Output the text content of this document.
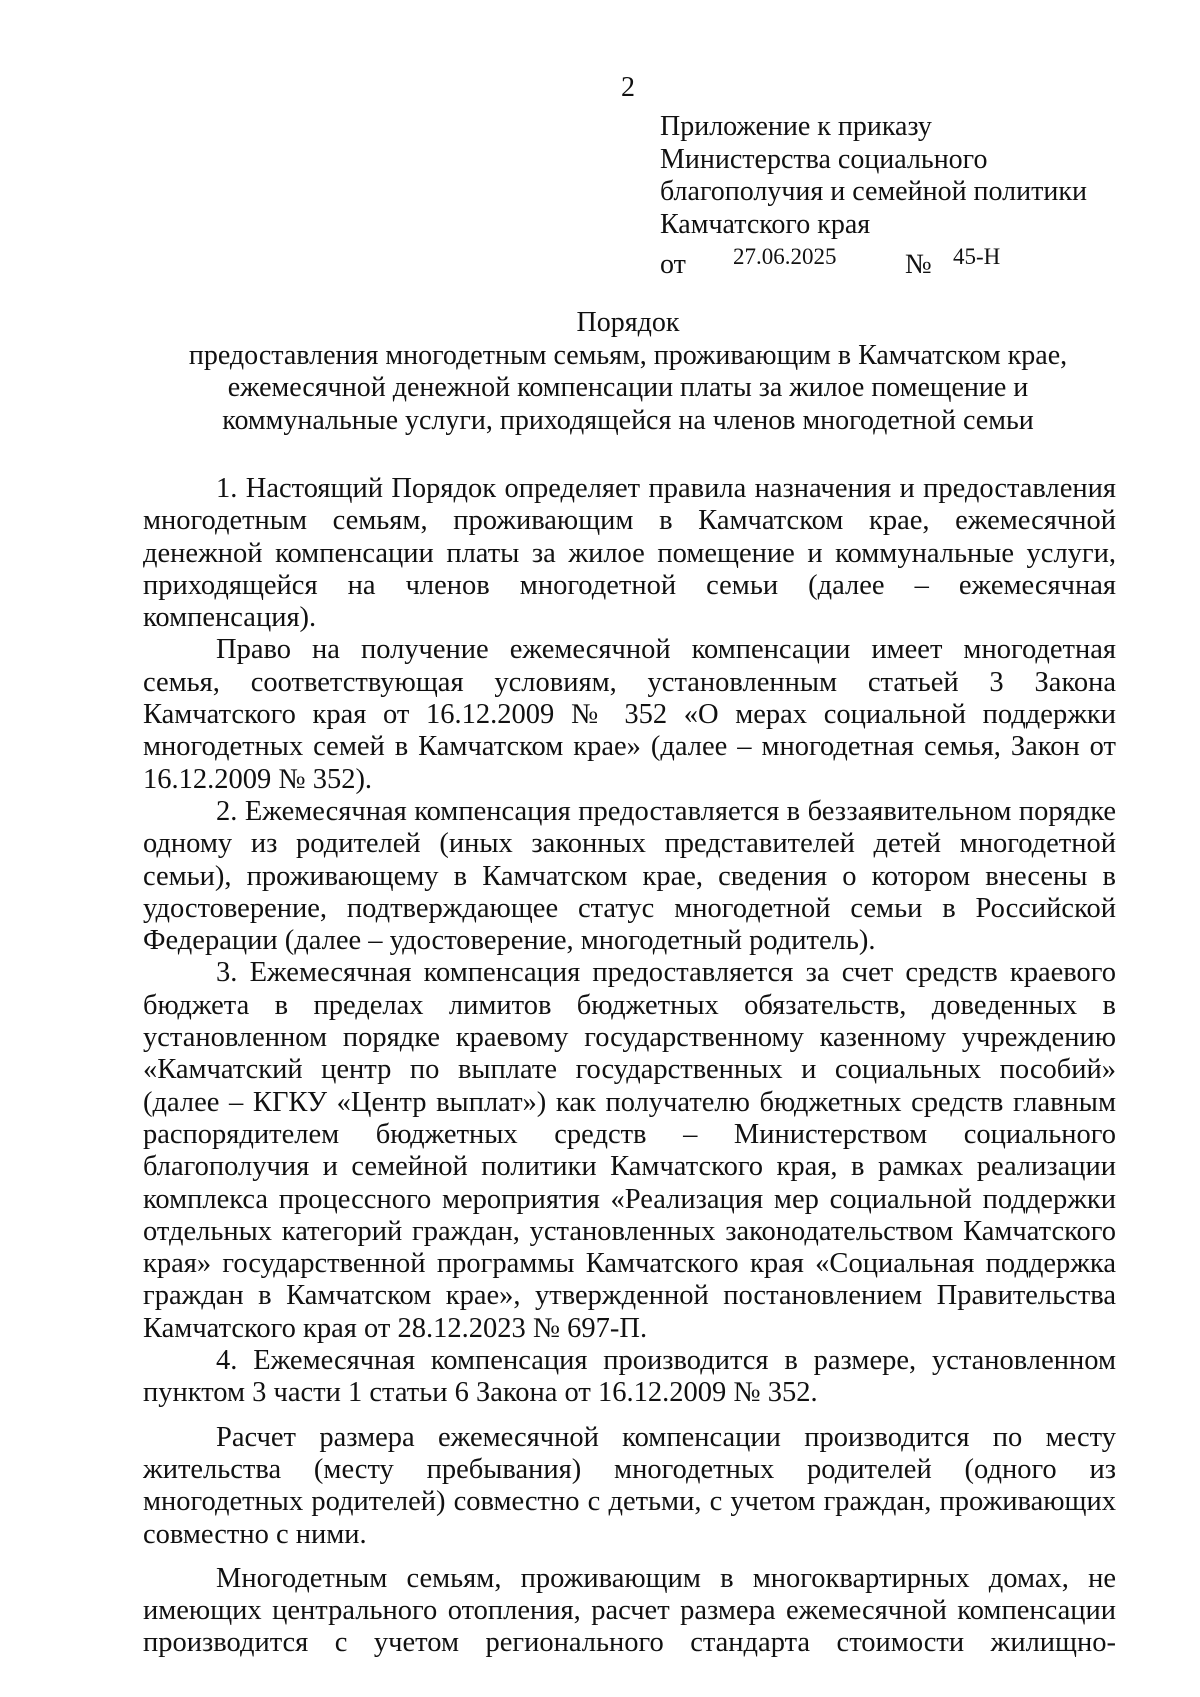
2
Приложение к приказу
Министерства социального
благополучия и семейной политики
Камчатского края
от 27.06.2025 № 45-Н
Порядок
предоставления многодетным семьям, проживающим в Камчатском крае,
ежемесячной денежной компенсации платы за жилое помещение и
коммунальные услуги, приходящейся на членов многодетной семьи

1. Настоящий Порядок определяет правила назначения и предоставления многодетным семьям, проживающим в Камчатском крае, ежемесячной денежной компенсации платы за жилое помещение и коммунальные услуги, приходящейся на членов многодетной семьи (далее – ежемесячная компенсация).

Право на получение ежемесячной компенсации имеет многодетная семья, соответствующая условиям, установленным статьей 3 Закона Камчатского края от 16.12.2009 № 352 «О мерах социальной поддержки многодетных семей в Камчатском крае» (далее – многодетная семья, Закон от 16.12.2009 № 352).

2. Ежемесячная компенсация предоставляется в беззаявительном порядке одному из родителей (иных законных представителей детей многодетной семьи), проживающему в Камчатском крае, сведения о котором внесены в удостоверение, подтверждающее статус многодетной семьи в Российской Федерации (далее – удостоверение, многодетный родитель).

3. Ежемесячная компенсация предоставляется за счет средств краевого бюджета в пределах лимитов бюджетных обязательств, доведенных в установленном порядке краевому государственному казенному учреждению «Камчатский центр по выплате государственных и социальных пособий» (далее – КГКУ «Центр выплат») как получателю бюджетных средств главным распорядителем бюджетных средств – Министерством социального благополучия и семейной политики Камчатского края, в рамках реализации комплекса процессного мероприятия «Реализация мер социальной поддержки отдельных категорий граждан, установленных законодательством Камчатского края» государственной программы Камчатского края «Социальная поддержка граждан в Камчатском крае», утвержденной постановлением Правительства Камчатского края от 28.12.2023 № 697-П.

4. Ежемесячная компенсация производится в размере, установленном пунктом 3 части 1 статьи 6 Закона от 16.12.2009 № 352.

Расчет размера ежемесячной компенсации производится по месту жительства (месту пребывания) многодетных родителей (одного из многодетных родителей) совместно с детьми, с учетом граждан, проживающих совместно с ними.

Многодетным семьям, проживающим в многоквартирных домах, не имеющих центрального отопления, расчет размера ежемесячной компенсации производится с учетом регионального стандарта стоимости жилищно-
